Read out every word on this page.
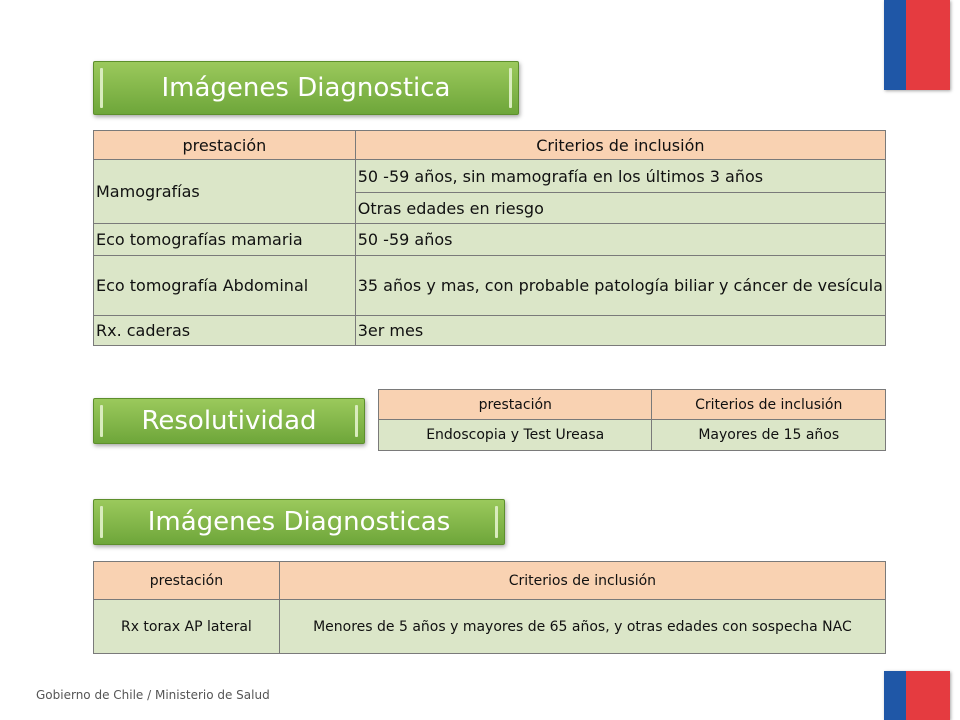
Imágenes Diagnostica
prestación	Criterios de inclusión
Mamografías	50 -59 años, sin mamografía en los últimos 3 años
	Otras edades en riesgo
Eco tomografías mamaria	50 -59 años
Eco tomografía Abdominal	35 años y mas, con probable patología biliar y cáncer de vesícula
Rx. caderas	3er mes
Resolutividad
prestación	Criterios de inclusión
Endoscopia y Test Ureasa	Mayores de 15 años
Imágenes Diagnosticas
prestación	Criterios de inclusión
Rx torax AP lateral	Menores de 5 años y mayores de 65 años, y otras edades con sospecha NAC
Gobierno de Chile / Ministerio de Salud
